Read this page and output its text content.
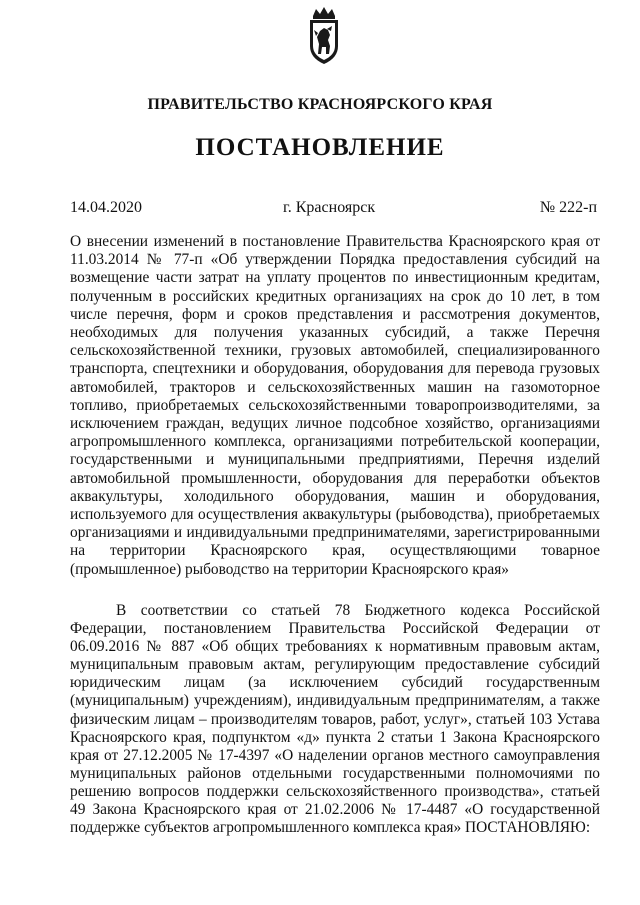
ПРАВИТЕЛЬСТВО КРАСНОЯРСКОГО КРАЯ
ПОСТАНОВЛЕНИЕ
14.04.2020	г. Красноярск	№ 222-п

О внесении изменений в постановление Правительства Красноярского края от 11.03.2014 № 77-п «Об утверждении Порядка предоставления субсидий на возмещение части затрат на уплату процентов по инвестиционным кредитам, полученным в российских кредитных организациях на срок до 10 лет, в том числе перечня, форм и сроков представления и рассмотрения документов, необходимых для получения указанных субсидий, а также Перечня сельскохозяйственной техники, грузовых автомобилей, специализированного транспорта, спецтехники и оборудования, оборудования для перевода грузовых автомобилей, тракторов и сельскохозяйственных машин на газомоторное топливо, приобретаемых сельскохозяйственными товаропроизводителями, за исключением граждан, ведущих личное подсобное хозяйство, организациями агропромышленного комплекса, организациями потребительской кооперации, государственными и муниципальными предприятиями, Перечня изделий автомобильной промышленности, оборудования для переработки объектов аквакультуры, холодильного оборудования, машин и оборудования, используемого для осуществления аквакультуры (рыбоводства), приобретаемых организациями и индивидуальными предпринимателями, зарегистрированными на территории Красноярского края, осуществляющими товарное (промышленное) рыбоводство на территории Красноярского края»

В соответствии со статьей 78 Бюджетного кодекса Российской Федерации, постановлением Правительства Российской Федерации от 06.09.2016 № 887 «Об общих требованиях к нормативным правовым актам, муниципальным правовым актам, регулирующим предоставление субсидий юридическим лицам (за исключением субсидий государственным (муниципальным) учреждениям), индивидуальным предпринимателям, а также физическим лицам – производителям товаров, работ, услуг», статьей 103 Устава Красноярского края, подпунктом «д» пункта 2 статьи 1 Закона Красноярского края от 27.12.2005 № 17-4397 «О наделении органов местного самоуправления муниципальных районов отдельными государственными полномочиями по решению вопросов поддержки сельскохозяйственного производства», статьей 49 Закона Красноярского края от 21.02.2006 № 17-4487 «О государственной поддержке субъектов агропромышленного комплекса края» ПОСТАНОВЛЯЮ:
